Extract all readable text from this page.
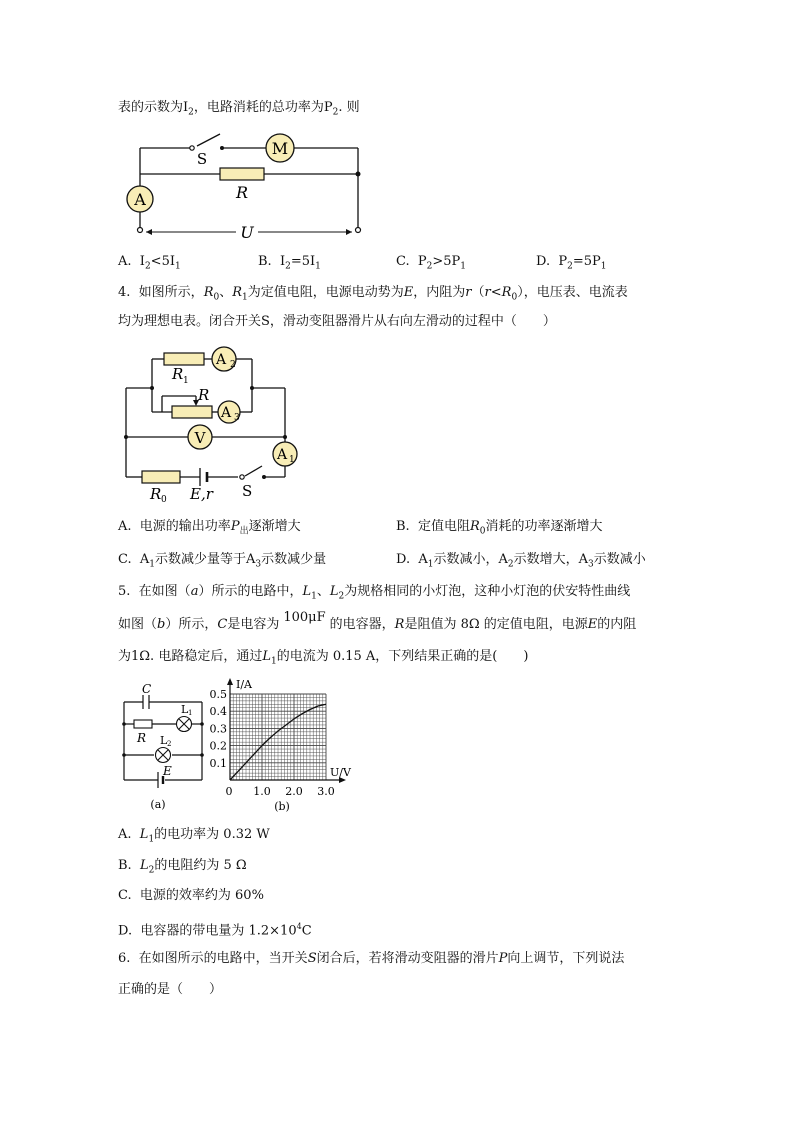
表的示数为$I_2$，电路消耗的总功率为$P_2$. 则
M
A
S
R
U
A. $I_2<5I_1$	B. $I_2=5I_1$	C. $P_2>5P_1$	D. $P_2=5P_1$
4. 如图所示，$R_0$、$R_1$为定值电阻，电源电动势为E，内阻为$r(r<R_0)$，电压表、电流表
均为理想电表。闭合开关S，滑动变阻器滑片从右向左滑动的过程中（　　）
A 2
R 1
R
A 3
V
A 1
R 0 E,r S
A. 电源的输出功率$P_出$逐渐增大	B. 定值电阻$R_0$消耗的功率逐渐增大
C. $A_1$示数减少量等于$A_3$示数减少量	D. $A_1$示数减小，$A_2$示数增大，$A_3$示数减小
5. 在如图（a）所示的电路中，$L_1$、$L_2$为规格相同的小灯泡，这种小灯泡的伏安特性曲线
如图（b）所示，C是电容为 100μF 的电容器，R是阻值为 8Ω 的定值电阻，电源E的内阻
为1Ω. 电路稳定后，通过$L_1$的电流为 0.15 A，下列结果正确的是(　　)
C
R
L 1
L 2
E
(a)
0.1
0.2
0.3
0.4
0.5
1.0 2.0 3.0
0
I/A
U/V
(b)
A. $L_1$的电功率为 0.32 W
B. $L_2$的电阻约为 5 Ω
C. 电源的效率约为 60%
D. 电容器的带电量为 $1.2\times 10^4C$
6. 在如图所示的电路中，当开关S闭合后，若将滑动变阻器的滑片P向上调节，下列说法
正确的是（　　）
